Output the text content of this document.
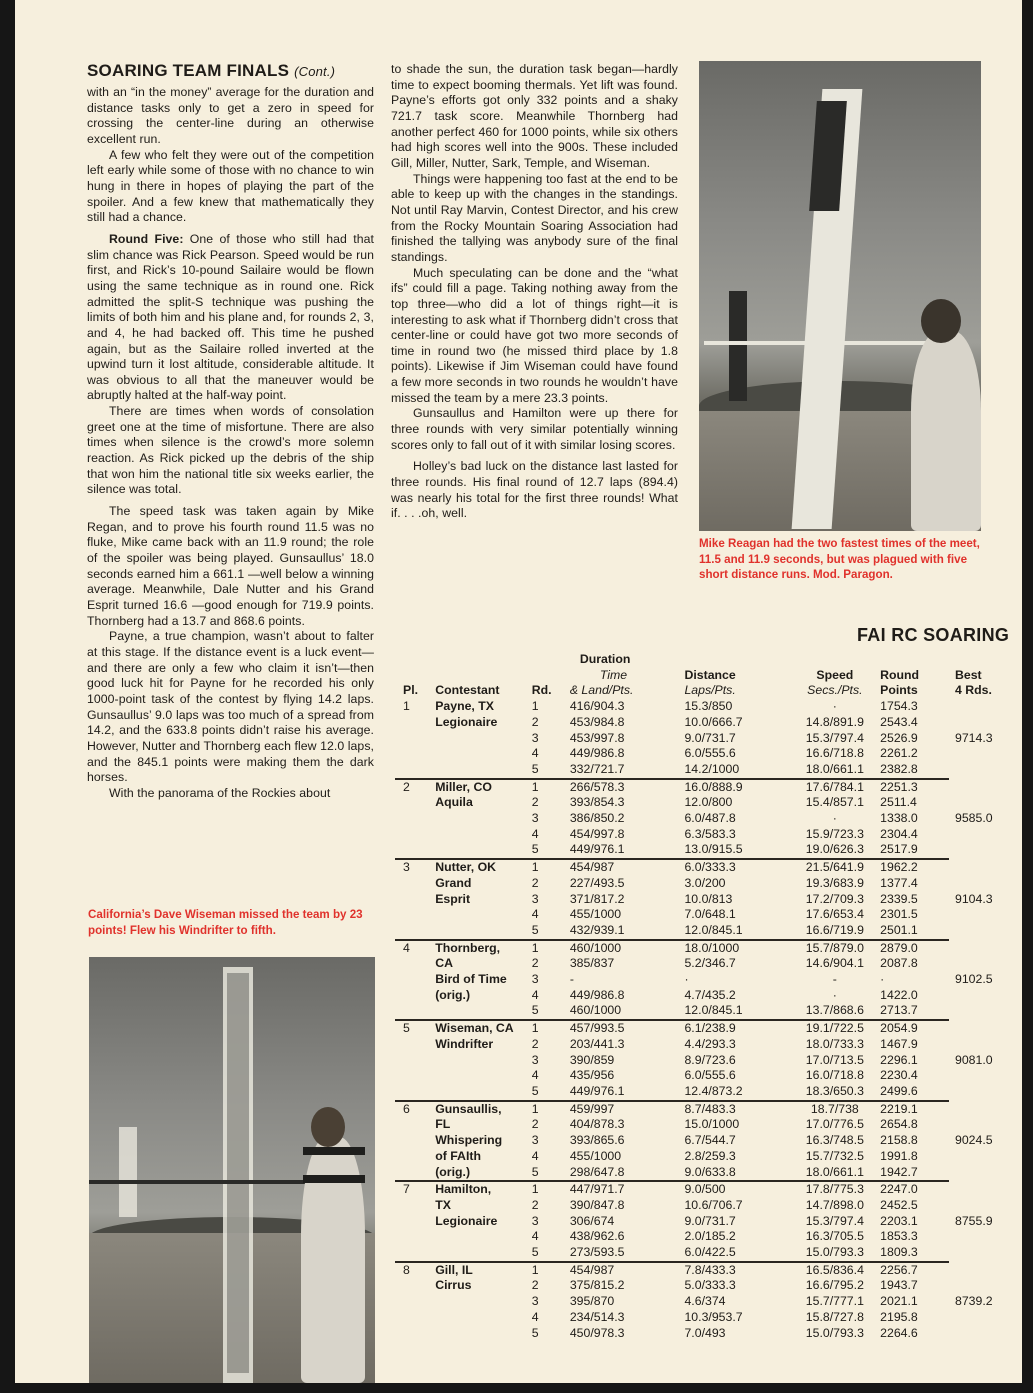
SOARING TEAM FINALS (Cont.)

with an “in the money” average for the duration and distance tasks only to get a zero in speed for crossing the center-line during an otherwise excellent run.

A few who felt they were out of the competition left early while some of those with no chance to win hung in there in hopes of playing the part of the spoiler. And a few knew that mathematically they still had a chance.

Round Five: One of those who still had that slim chance was Rick Pearson. Speed would be run first, and Rick’s 10-pound Sailaire would be flown using the same technique as in round one. Rick admitted the split-S technique was pushing the limits of both him and his plane and, for rounds 2, 3, and 4, he had backed off. This time he pushed again, but as the Sailaire rolled inverted at the upwind turn it lost altitude, considerable altitude. It was obvious to all that the maneuver would be abruptly halted at the half-way point.

There are times when words of consolation greet one at the time of misfortune. There are also times when silence is the crowd’s more solemn reaction. As Rick picked up the debris of the ship that won him the national title six weeks earlier, the silence was total.

The speed task was taken again by Mike Regan, and to prove his fourth round 11.5 was no fluke, Mike came back with an 11.9 round; the role of the spoiler was being played. Gunsaullus’ 18.0 seconds earned him a 661.1 —well below a winning average. Meanwhile, Dale Nutter and his Grand Esprit turned 16.6 —good enough for 719.9 points. Thornberg had a 13.7 and 868.6 points.

Payne, a true champion, wasn’t about to falter at this stage. If the distance event is a luck event—and there are only a few who claim it isn’t—then good luck hit for Payne for he recorded his only 1000-point task of the contest by flying 14.2 laps. Gunsaullus’ 9.0 laps was too much of a spread from 14.2, and the 633.8 points didn’t raise his average. However, Nutter and Thornberg each flew 12.0 laps, and the 845.1 points were making them the dark horses.

With the panorama of the Rockies about

to shade the sun, the duration task began—hardly time to expect booming thermals. Yet lift was found. Payne’s efforts got only 332 points and a shaky 721.7 task score. Meanwhile Thornberg had another perfect 460 for 1000 points, while six others had high scores well into the 900s. These included Gill, Miller, Nutter, Sark, Temple, and Wiseman.

Things were happening too fast at the end to be able to keep up with the changes in the standings. Not until Ray Marvin, Contest Director, and his crew from the Rocky Mountain Soaring Association had finished the tallying was anybody sure of the final standings.

Much speculating can be done and the “what ifs” could fill a page. Taking nothing away from the top three—who did a lot of things right—it is interesting to ask what if Thornberg didn’t cross that center-line or could have got two more seconds of time in round two (he missed third place by 1.8 points). Likewise if Jim Wiseman could have found a few more seconds in two rounds he wouldn’t have missed the team by a mere 23.3 points.

Gunsaullus and Hamilton were up there for three rounds with very similar potentially winning scores only to fall out of it with similar losing scores.

Holley’s bad luck on the distance last lasted for three rounds. His final round of 12.7 laps (894.4) was nearly his total for the first three rounds! What if. . . .oh, well.

Mike Reagan had the two fastest times of the meet, 11.5 and 11.9 seconds, but was plagued with five short distance runs. Mod. Paragon.
California’s Dave Wiseman missed the team by 23 points! Flew his Windrifter to fifth.
FAI RC SOARING
Pl.	Contestant	Rd.	Duration
Time
& Land/Pts.	Distance
Laps/Pts.	Speed
Secs./Pts.	Round
Points	Best
4 Rds.

1	Payne, TX	1	416/904.3	15.3/850	·	1754.3	
	Legionaire	2	453/984.8	10.0/666.7	14.8/891.9	2543.4	
		3	453/997.8	9.0/731.7	15.3/797.4	2526.9	9714.3
		4	449/986.8	6.0/555.6	16.6/718.8	2261.2	
		5	332/721.7	14.2/1000	18.0/661.1	2382.8	
2	Miller, CO	1	266/578.3	16.0/888.9	17.6/784.1	2251.3	
	Aquila	2	393/854.3	12.0/800	15.4/857.1	2511.4	
		3	386/850.2	6.0/487.8	·	1338.0	9585.0
		4	454/997.8	6.3/583.3	15.9/723.3	2304.4	
		5	449/976.1	13.0/915.5	19.0/626.3	2517.9	
3	Nutter, OK	1	454/987	6.0/333.3	21.5/641.9	1962.2	
	Grand	2	227/493.5	3.0/200	19.3/683.9	1377.4	
	Esprit	3	371/817.2	10.0/813	17.2/709.3	2339.5	9104.3
		4	455/1000	7.0/648.1	17.6/653.4	2301.5	
		5	432/939.1	12.0/845.1	16.6/719.9	2501.1	
4	Thornberg,	1	460/1000	18.0/1000	15.7/879.0	2879.0	
	CA	2	385/837	5.2/346.7	14.6/904.1	2087.8	
	Bird of Time	3	-	·	-	·	9102.5
	(orig.)	4	449/986.8	4.7/435.2	·	1422.0	
		5	460/1000	12.0/845.1	13.7/868.6	2713.7	
5	Wiseman, CA	1	457/993.5	6.1/238.9	19.1/722.5	2054.9	
	Windrifter	2	203/441.3	4.4/293.3	18.0/733.3	1467.9	
		3	390/859	8.9/723.6	17.0/713.5	2296.1	9081.0
		4	435/956	6.0/555.6	16.0/718.8	2230.4	
		5	449/976.1	12.4/873.2	18.3/650.3	2499.6	
6	Gunsaullis,	1	459/997	8.7/483.3	18.7/738	2219.1	
	FL	2	404/878.3	15.0/1000	17.0/776.5	2654.8	
	Whispering	3	393/865.6	6.7/544.7	16.3/748.5	2158.8	9024.5
	of FAIth	4	455/1000	2.8/259.3	15.7/732.5	1991.8	
	(orig.)	5	298/647.8	9.0/633.8	18.0/661.1	1942.7	
7	Hamilton,	1	447/971.7	9.0/500	17.8/775.3	2247.0	
	TX	2	390/847.8	10.6/706.7	14.7/898.0	2452.5	
	Legionaire	3	306/674	9.0/731.7	15.3/797.4	2203.1	8755.9
		4	438/962.6	2.0/185.2	16.3/705.5	1853.3	
		5	273/593.5	6.0/422.5	15.0/793.3	1809.3	
8	Gill, IL	1	454/987	7.8/433.3	16.5/836.4	2256.7	
	Cirrus	2	375/815.2	5.0/333.3	16.6/795.2	1943.7	
		3	395/870	4.6/374	15.7/777.1	2021.1	8739.2
		4	234/514.3	10.3/953.7	15.8/727.8	2195.8	
		5	450/978.3	7.0/493	15.0/793.3	2264.6	
